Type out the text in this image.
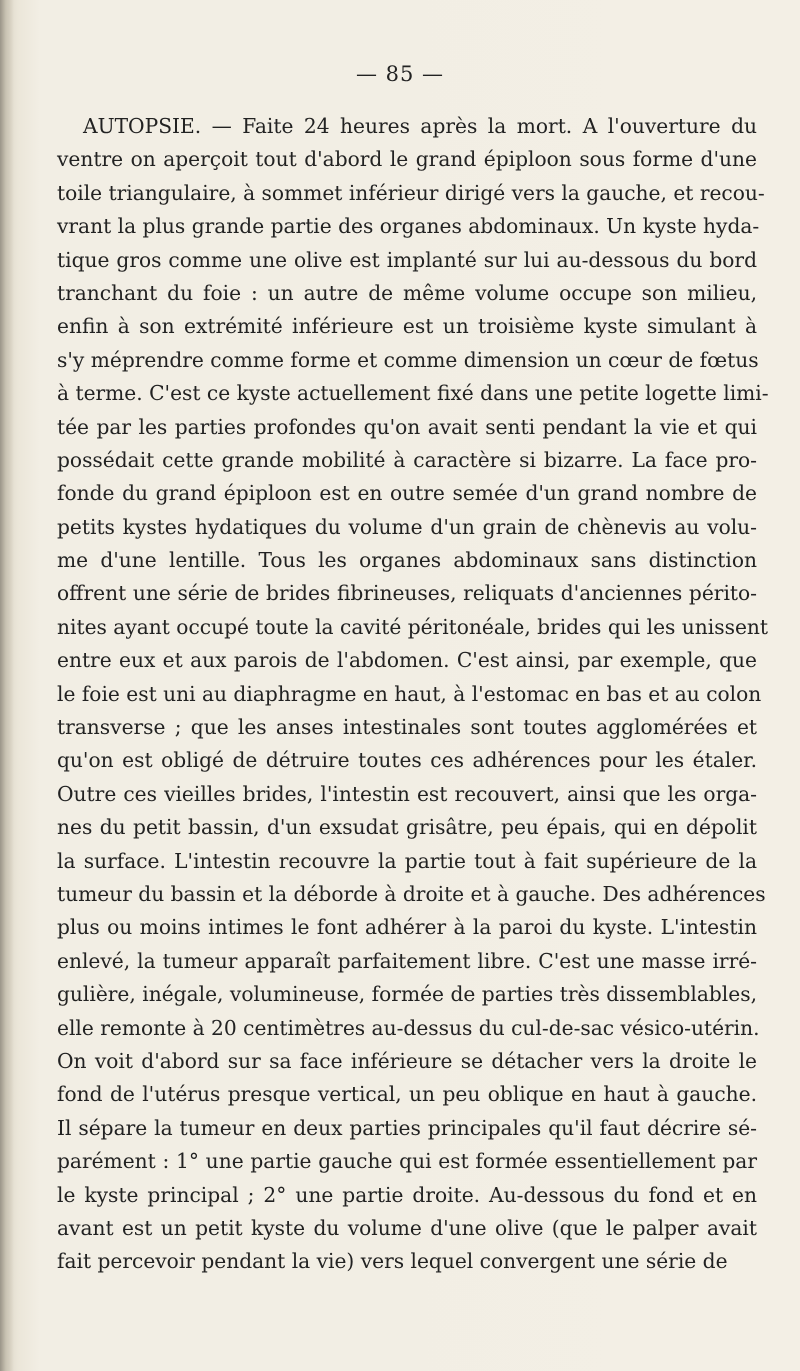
— 85 —
AUTOPSIE. — Faite 24 heures après la mort. A l'ouverture du
ventre on aperçoit tout d'abord le grand épiploon sous forme d'une
toile triangulaire, à sommet inférieur dirigé vers la gauche, et recou-
vrant la plus grande partie des organes abdominaux. Un kyste hyda-
tique gros comme une olive est implanté sur lui au-dessous du bord
tranchant du foie : un autre de même volume occupe son milieu,
enfin à son extrémité inférieure est un troisième kyste simulant à
s'y méprendre comme forme et comme dimension un cœur de fœtus
à terme. C'est ce kyste actuellement fixé dans une petite logette limi-
tée par les parties profondes qu'on avait senti pendant la vie et qui
possédait cette grande mobilité à caractère si bizarre. La face pro-
fonde du grand épiploon est en outre semée d'un grand nombre de
petits kystes hydatiques du volume d'un grain de chènevis au volu-
me d'une lentille. Tous les organes abdominaux sans distinction
offrent une série de brides fibrineuses, reliquats d'anciennes périto-
nites ayant occupé toute la cavité péritonéale, brides qui les unissent
entre eux et aux parois de l'abdomen. C'est ainsi, par exemple, que
le foie est uni au diaphragme en haut, à l'estomac en bas et au colon
transverse ; que les anses intestinales sont toutes agglomérées et
qu'on est obligé de détruire toutes ces adhérences pour les étaler.
Outre ces vieilles brides, l'intestin est recouvert, ainsi que les orga-
nes du petit bassin, d'un exsudat grisâtre, peu épais, qui en dépolit
la surface. L'intestin recouvre la partie tout à fait supérieure de la
tumeur du bassin et la déborde à droite et à gauche. Des adhérences
plus ou moins intimes le font adhérer à la paroi du kyste. L'intestin
enlevé, la tumeur apparaît parfaitement libre. C'est une masse irré-
gulière, inégale, volumineuse, formée de parties très dissemblables,
elle remonte à 20 centimètres au-dessus du cul-de-sac vésico-utérin.
On voit d'abord sur sa face inférieure se détacher vers la droite le
fond de l'utérus presque vertical, un peu oblique en haut à gauche.
Il sépare la tumeur en deux parties principales qu'il faut décrire sé-
parément : 1° une partie gauche qui est formée essentiellement par
le kyste principal ; 2° une partie droite. Au-dessous du fond et en
avant est un petit kyste du volume d'une olive (que le palper avait
fait percevoir pendant la vie) vers lequel convergent une série de
